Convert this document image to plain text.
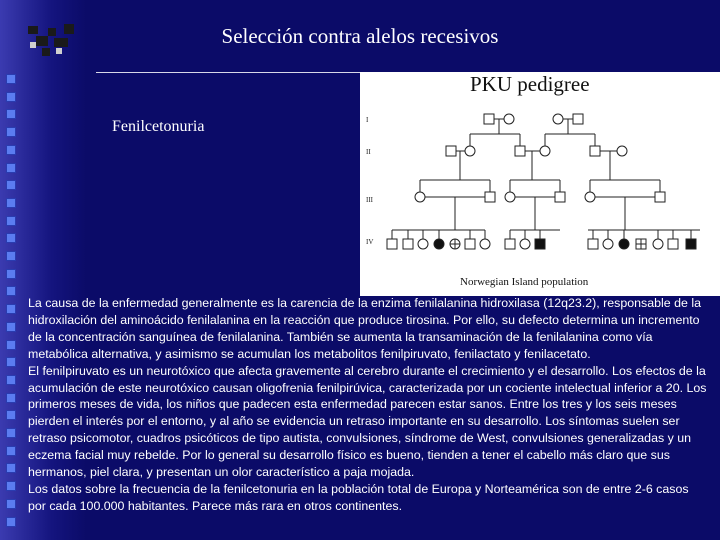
Selección contra alelos recesivos
Fenilcetonuria
PKU pedigree
I
II
III
IV
Norwegian Island population

La causa de la enfermedad generalmente es la carencia de la enzima fenilalanina hidroxilasa (12q23.2), responsable de la hidroxilación del aminoácido fenilalanina en la reacción que produce tirosina. Por ello, su defecto determina un incremento de la concentración sanguínea de fenilalanina. También se aumenta la transaminación de la fenilalanina como vía metabólica alternativa, y asimismo se acumulan los metabolitos fenilpiruvato, fenilactato y fenilacetato.

El fenilpiruvato es un neurotóxico que afecta gravemente al cerebro durante el crecimiento y el desarrollo. Los efectos de la acumulación de este neurotóxico causan oligofrenia fenilpirúvica, caracterizada por un cociente intelectual inferior a 20. Los primeros meses de vida, los niños que padecen esta enfermedad parecen estar sanos. Entre los tres y los seis meses pierden el interés por el entorno, y al año se evidencia un retraso importante en su desarrollo. Los síntomas suelen ser retraso psicomotor, cuadros psicóticos de tipo autista, convulsiones, síndrome de West, convulsiones generalizadas y un eczema facial muy rebelde. Por lo general su desarrollo físico es bueno, tienden a tener el cabello más claro que sus hermanos, piel clara, y presentan un olor característico a paja mojada.

Los datos sobre la frecuencia de la fenilcetonuria en la población total de Europa y Norteamérica son de entre 2-6 casos por cada 100.000 habitantes. Parece más rara en otros continentes.
